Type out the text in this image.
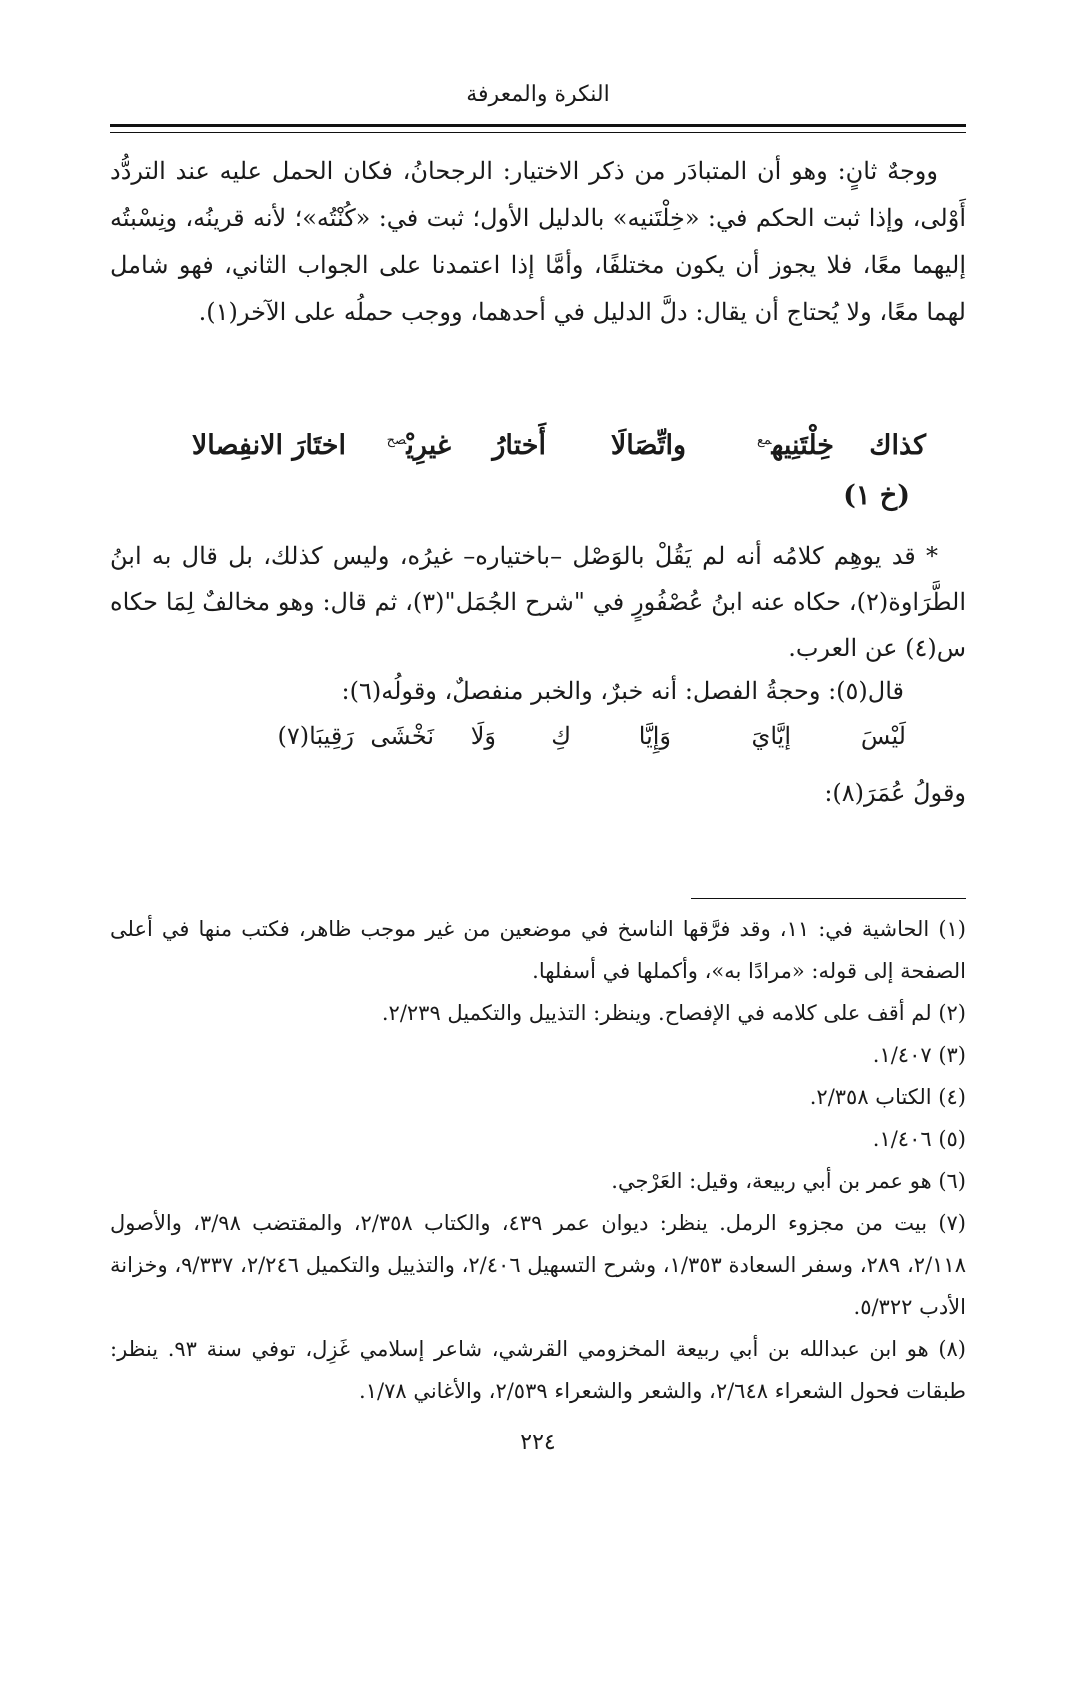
النكرة والمعرفة

ووجهٌ ثانٍ: وهو أن المتبادَر من ذكر الاختيار: الرجحانُ، فكان الحمل عليه عند التردُّد أَوْلى، وإذا ثبت الحكم في: «خِلْتَنيه» بالدليل الأول؛ ثبت في: «كُنْتُه»؛ لأنه قرينُه، ونِسْبتُه إليهما معًا، فلا يجوز أن يكون مختلفًا، وأمَّا إذا اعتمدنا على الجواب الثاني، فهو شامل لهما معًا، ولا يُحتاج أن يقال: دلَّ الدليل في أحدهما، ووجب حملُه على الآخر(١).

كذاك
خِلْتَنِيه$^{مع}$
واتِّصَالَا
أَختارُ
غيرِيْ$^{صح}$
اختَارَ الانفِصالا
(خ ١)

* قد يوهِم كلامُه أنه لم يَقُلْ بالوَصْل –باختياره– غيرُه، وليس كذلك، بل قال به ابنُ الطَّرَاوة(٢)، حكاه عنه ابنُ عُصْفُورٍ في "شرح الجُمَل"(٣)، ثم قال: وهو مخالفٌ لِمَا حكاه س(٤) عن العرب.

قال(٥): وحجةُ الفصل: أنه خبرٌ، والخبر منفصلٌ، وقولُه(٦):
لَيْسَ
إيَّايَ
وَإِيَّا
كِ
وَلَا
نَخْشَى
رَقِيبَا(٧)
وقولُ عُمَرَ(٨):

(١) الحاشية في: ١١، وقد فرَّقها الناسخ في موضعين من غير موجب ظاهر، فكتب منها في أعلى الصفحة إلى قوله: «مرادًا به»، وأكملها في أسفلها.

(٢) لم أقف على كلامه في الإفصاح. وينظر: التذييل والتكميل ٢/٢٣٩.

(٣) ١/٤٠٧.

(٤) الكتاب ٢/٣٥٨.

(٥) ١/٤٠٦.

(٦) هو عمر بن أبي ربيعة، وقيل: العَرْجي.

(٧) بيت من مجزوء الرمل. ينظر: ديوان عمر ٤٣٩، والكتاب ٢/٣٥٨، والمقتضب ٣/٩٨، والأصول ٢/١١٨، ٢٨٩، وسفر السعادة ١/٣٥٣، وشرح التسهيل ٢/٤٠٦، والتذييل والتكميل ٢/٢٤٦، ٩/٣٣٧، وخزانة الأدب ٥/٣٢٢.

(٨) هو ابن عبدالله بن أبي ربيعة المخزومي القرشي، شاعر إسلامي غَزِل، توفي سنة ٩٣. ينظر: طبقات فحول الشعراء ٢/٦٤٨، والشعر والشعراء ٢/٥٣٩، والأغاني ١/٧٨.

٢٢٤
